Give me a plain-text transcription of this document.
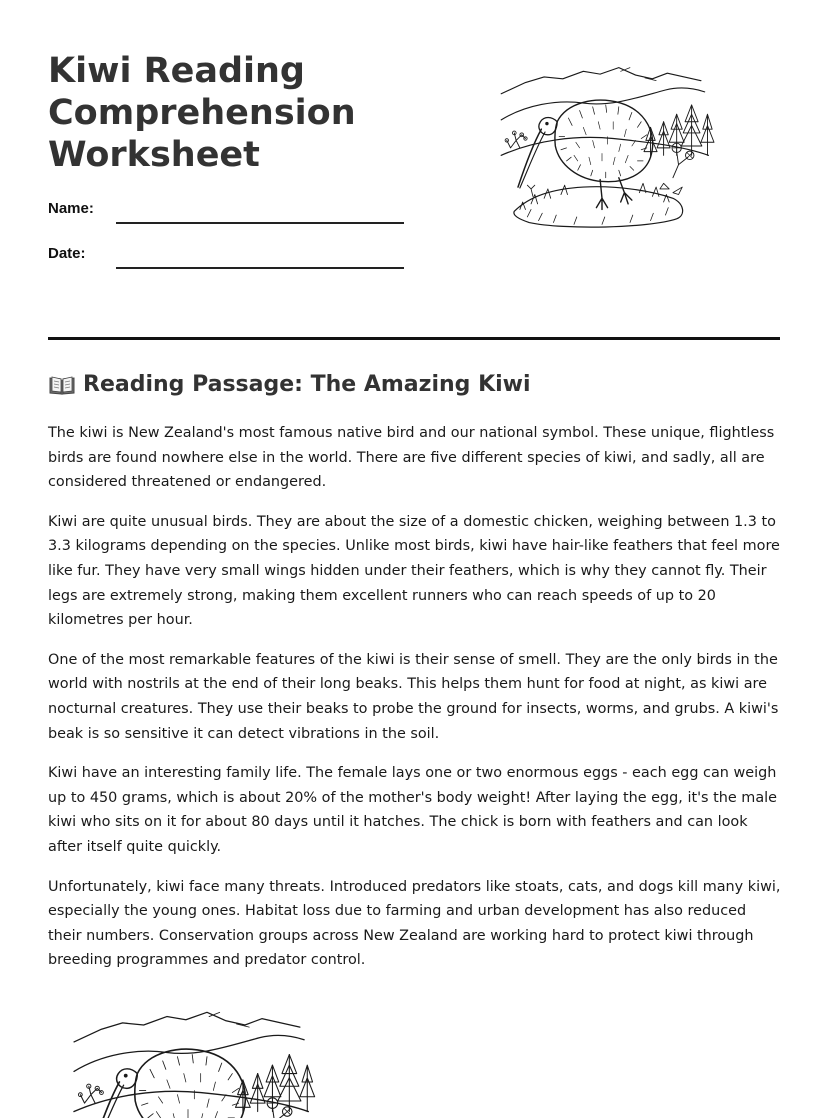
Kiwi Reading Comprehension Worksheet
Name:
Date:
Reading Passage: The Amazing Kiwi

The kiwi is New Zealand's most famous native bird and our national symbol. These unique, flightless birds are found nowhere else in the world. There are five different species of kiwi, and sadly, all are considered threatened or endangered.

Kiwi are quite unusual birds. They are about the size of a domestic chicken, weighing between 1.3 to 3.3 kilograms depending on the species. Unlike most birds, kiwi have hair-like feathers that feel more like fur. They have very small wings hidden under their feathers, which is why they cannot fly. Their legs are extremely strong, making them excellent runners who can reach speeds of up to 20 kilometres per hour.

One of the most remarkable features of the kiwi is their sense of smell. They are the only birds in the world with nostrils at the end of their long beaks. This helps them hunt for food at night, as kiwi are nocturnal creatures. They use their beaks to probe the ground for insects, worms, and grubs. A kiwi's beak is so sensitive it can detect vibrations in the soil.

Kiwi have an interesting family life. The female lays one or two enormous eggs - each egg can weigh up to 450 grams, which is about 20% of the mother's body weight! After laying the egg, it's the male kiwi who sits on it for about 80 days until it hatches. The chick is born with feathers and can look after itself quite quickly.

Unfortunately, kiwi face many threats. Introduced predators like stoats, cats, and dogs kill many kiwi, especially the young ones. Habitat loss due to farming and urban development has also reduced their numbers. Conservation groups across New Zealand are working hard to protect kiwi through breeding programmes and predator control.
